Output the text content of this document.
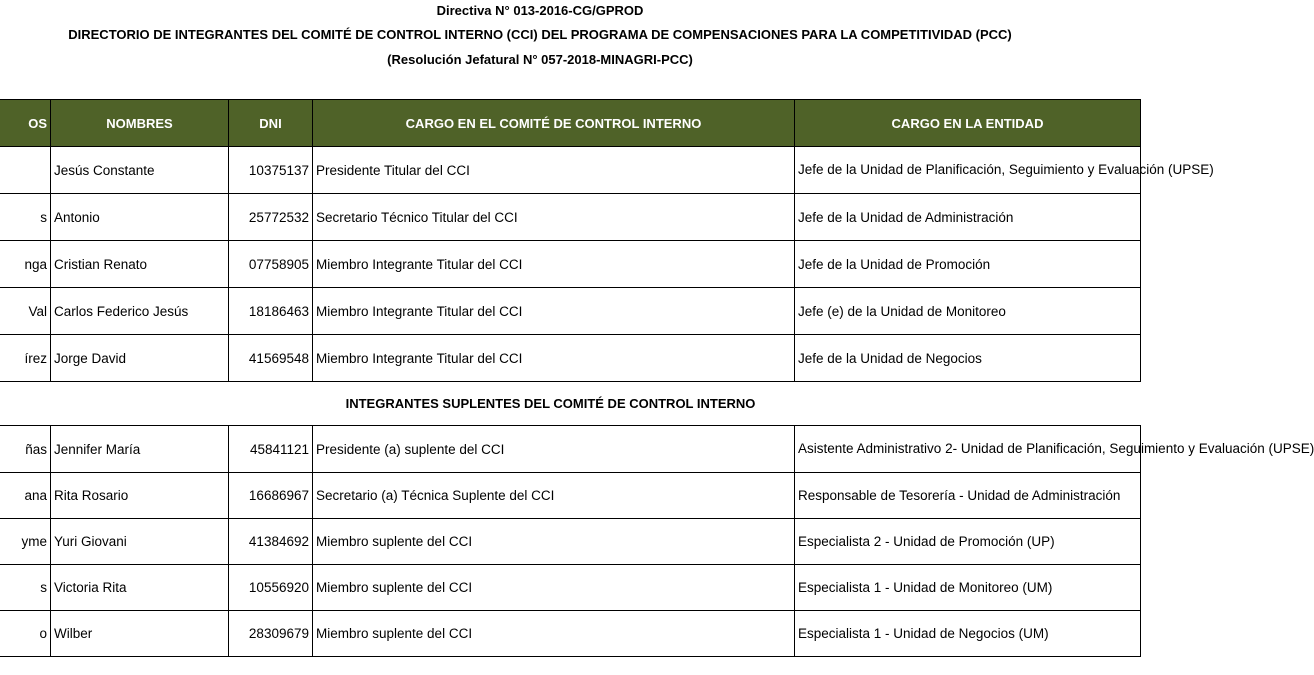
Directiva N° 013-2016-CG/GPROD
DIRECTORIO DE INTEGRANTES DEL COMITÉ DE CONTROL INTERNO (CCI) DEL PROGRAMA DE COMPENSACIONES PARA LA COMPETITIVIDAD (PCC)
(Resolución Jefatural N° 057-2018-MINAGRI-PCC)
OS	NOMBRES	DNI	CARGO EN EL COMITÉ DE CONTROL INTERNO	CARGO EN LA ENTIDAD
	Jesús Constante	10375137	Presidente Titular del CCI	Jefe de la Unidad de Planificación, Seguimiento y Evaluación (UPSE)
s	Antonio	25772532	Secretario Técnico Titular del CCI	Jefe de la Unidad de Administración
nga	Cristian Renato	07758905	Miembro Integrante Titular del CCI	Jefe de la Unidad de Promoción
Val	Carlos Federico Jesús	18186463	Miembro Integrante Titular del CCI	Jefe (e) de la Unidad de Monitoreo
írez	Jorge David	41569548	Miembro Integrante Titular del CCI	Jefe de la Unidad de Negocios
INTEGRANTES SUPLENTES DEL COMITÉ DE CONTROL INTERNO				
ñas	Jennifer María	45841121	Presidente (a) suplente del CCI	Asistente Administrativo 2- Unidad de Planificación, Seguimiento y Evaluación (UPSE)
ana	Rita Rosario	16686967	Secretario (a) Técnica Suplente del CCI	Responsable de Tesorería - Unidad de Administración
yme	Yuri Giovani	41384692	Miembro suplente del CCI	Especialista 2 - Unidad de Promoción (UP)
s	Victoria Rita	10556920	Miembro suplente del CCI	Especialista 1 - Unidad de Monitoreo (UM)
o	Wilber	28309679	Miembro suplente del CCI	Especialista 1 - Unidad de Negocios (UM)
